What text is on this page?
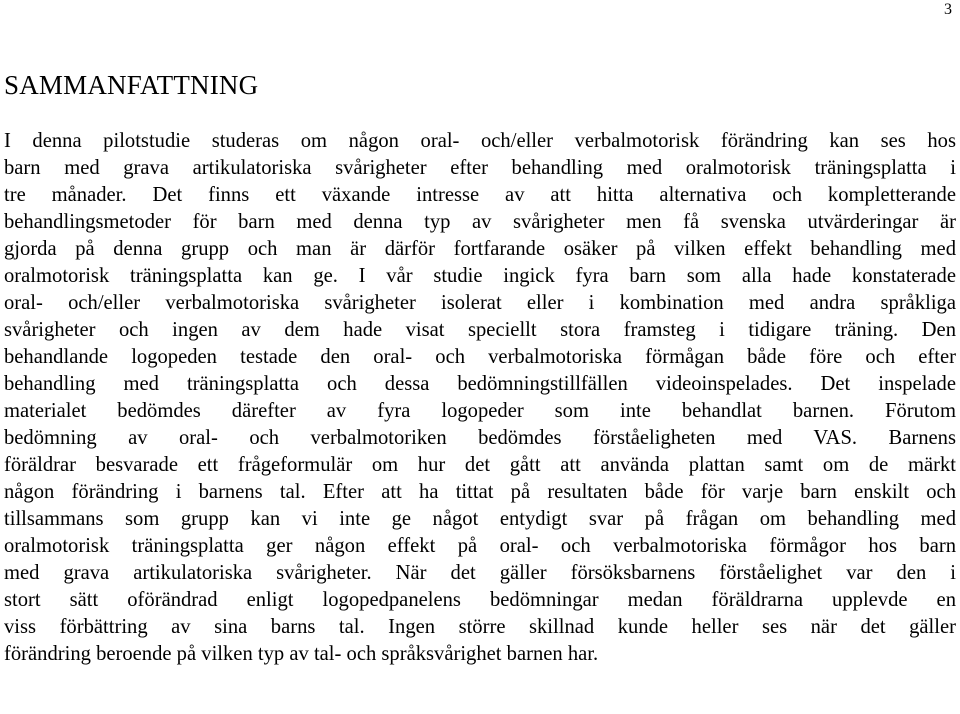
3
SAMMANFATTNING
I denna pilotstudie studeras om någon oral- och/eller verbalmotorisk förändring kan ses hos
barn med grava artikulatoriska svårigheter efter behandling med oralmotorisk träningsplatta i
tre månader. Det finns ett växande intresse av att hitta alternativa och kompletterande
behandlingsmetoder för barn med denna typ av svårigheter men få svenska utvärderingar är
gjorda på denna grupp och man är därför fortfarande osäker på vilken effekt behandling med
oralmotorisk träningsplatta kan ge. I vår studie ingick fyra barn som alla hade konstaterade
oral- och/eller verbalmotoriska svårigheter isolerat eller i kombination med andra språkliga
svårigheter och ingen av dem hade visat speciellt stora framsteg i tidigare träning. Den
behandlande logopeden testade den oral- och verbalmotoriska förmågan både före och efter
behandling med träningsplatta och dessa bedömningstillfällen videoinspelades. Det inspelade
materialet bedömdes därefter av fyra logopeder som inte behandlat barnen. Förutom
bedömning av oral- och verbalmotoriken bedömdes förståeligheten med VAS. Barnens
föräldrar besvarade ett frågeformulär om hur det gått att använda plattan samt om de märkt
någon förändring i barnens tal. Efter att ha tittat på resultaten både för varje barn enskilt och
tillsammans som grupp kan vi inte ge något entydigt svar på frågan om behandling med
oralmotorisk träningsplatta ger någon effekt på oral- och verbalmotoriska förmågor hos barn
med grava artikulatoriska svårigheter. När det gäller försöksbarnens förståelighet var den i
stort sätt oförändrad enligt logopedpanelens bedömningar medan föräldrarna upplevde en
viss förbättring av sina barns tal. Ingen större skillnad kunde heller ses när det gäller
förändring beroende på vilken typ av tal- och språksvårighet barnen har.
